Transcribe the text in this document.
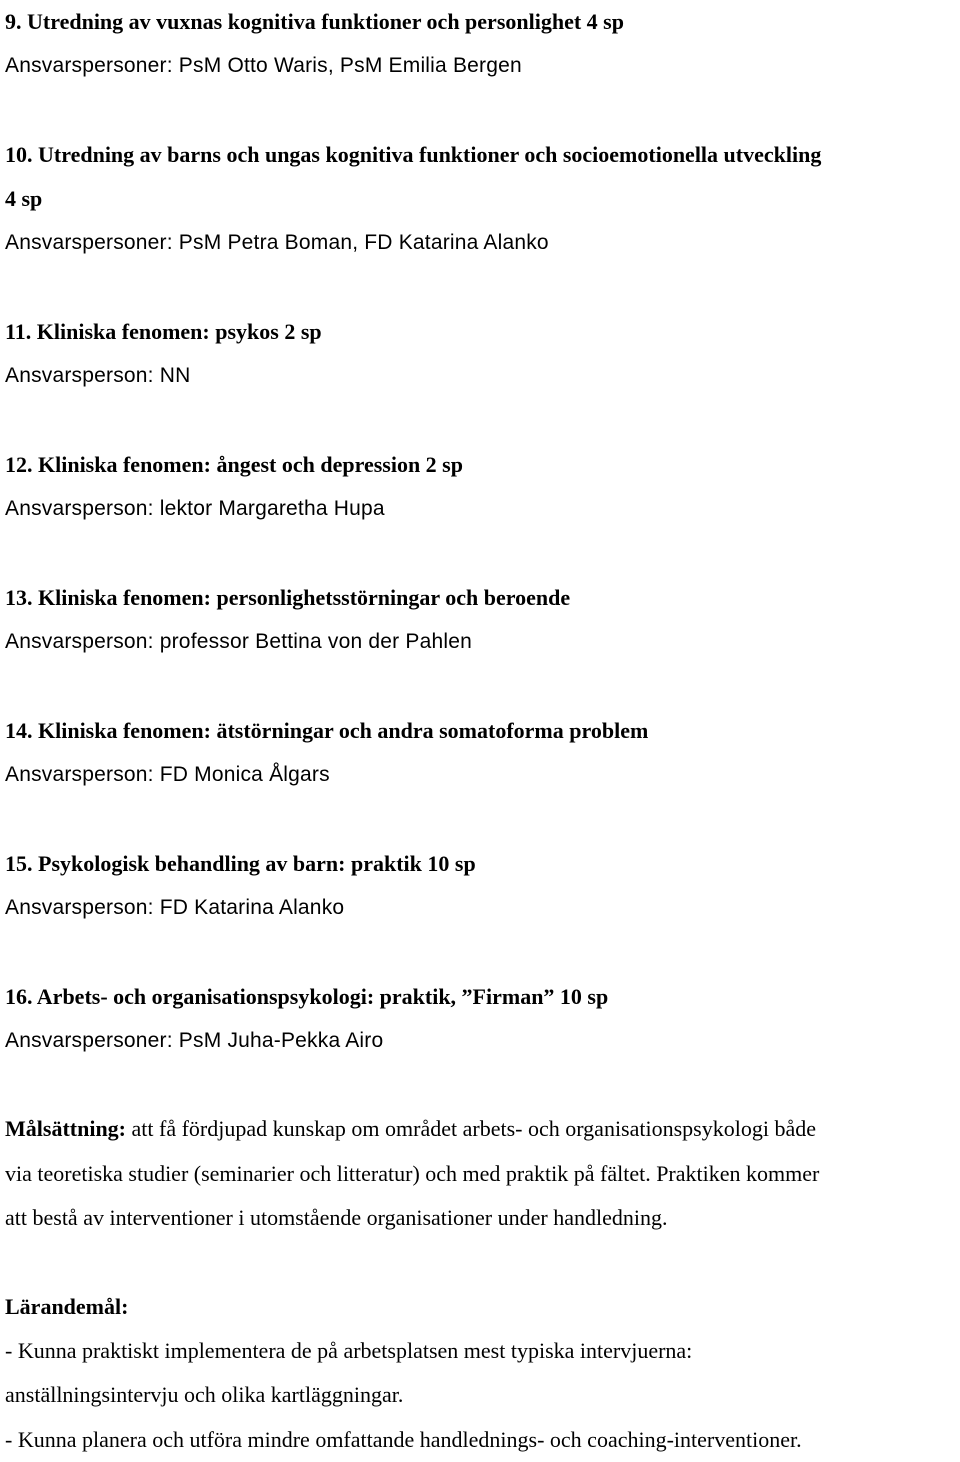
9. Utredning av vuxnas kognitiva funktioner och personlighet 4 sp
Ansvarspersoner: PsM Otto Waris, PsM Emilia Bergen
10. Utredning av barns och ungas kognitiva funktioner och socioemotionella utveckling
4 sp
Ansvarspersoner: PsM Petra Boman, FD Katarina Alanko
11. Kliniska fenomen: psykos 2 sp
Ansvarsperson: NN
12. Kliniska fenomen: ångest och depression 2 sp
Ansvarsperson: lektor Margaretha Hupa
13. Kliniska fenomen: personlighetsstörningar och beroende
Ansvarsperson: professor Bettina von der Pahlen
14. Kliniska fenomen: ätstörningar och andra somatoforma problem
Ansvarsperson: FD Monica Ålgars
15. Psykologisk behandling av barn: praktik 10 sp
Ansvarsperson: FD Katarina Alanko
16. Arbets- och organisationspsykologi: praktik, ”Firman” 10 sp
Ansvarspersoner: PsM Juha-Pekka Airo
Målsättning: att få fördjupad kunskap om området arbets- och organisationspsykologi både
via teoretiska studier (seminarier och litteratur) och med praktik på fältet. Praktiken kommer
att bestå av interventioner i utomstående organisationer under handledning.
Lärandemål:
- Kunna praktiskt implementera de på arbetsplatsen mest typiska intervjuerna:
anställningsintervju och olika kartläggningar.
- Kunna planera och utföra mindre omfattande handlednings- och coaching-interventioner.
